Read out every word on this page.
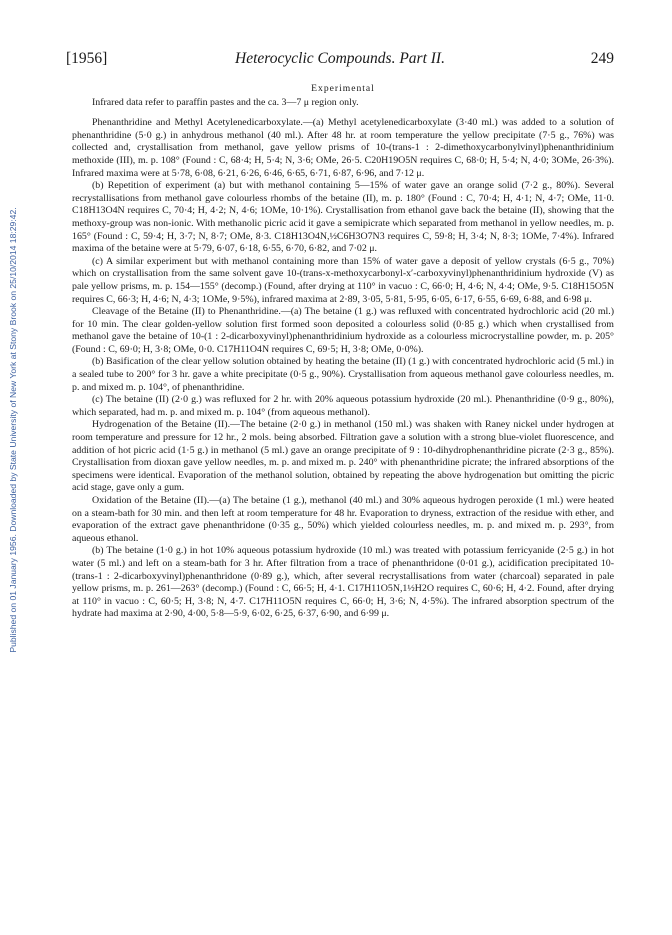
Published on 01 January 1956. Downloaded by State University of New York at Stony Brook on 25/10/2014 18:29:42.
[1956]	Heterocyclic Compounds. Part II.	249
Experimental

Infrared data refer to paraffin pastes and the ca. 3—7 μ region only.

Phenanthridine and Methyl Acetylenedicarboxylate.—(a) Methyl acetylenedicarboxylate (3·40 ml.) was added to a solution of phenanthridine (5·0 g.) in anhydrous methanol (40 ml.). After 48 hr. at room temperature the yellow precipitate (7·5 g., 76%) was collected and, crystallisation from methanol, gave yellow prisms of 10-(trans-1 : 2-dimethoxycarbonylvinyl)phenanthridinium methoxide (III), m. p. 108° (Found : C, 68·4; H, 5·4; N, 3·6; OMe, 26·5. C20H19O5N requires C, 68·0; H, 5·4; N, 4·0; 3OMe, 26·3%). Infrared maxima were at 5·78, 6·08, 6·21, 6·26, 6·46, 6·65, 6·71, 6·87, 6·96, and 7·12 μ.

(b) Repetition of experiment (a) but with methanol containing 5—15% of water gave an orange solid (7·2 g., 80%). Several recrystallisations from methanol gave colourless rhombs of the betaine (II), m. p. 180° (Found : C, 70·4; H, 4·1; N, 4·7; OMe, 11·0. C18H13O4N requires C, 70·4; H, 4·2; N, 4·6; 1OMe, 10·1%). Crystallisation from ethanol gave back the betaine (II), showing that the methoxy-group was non-ionic. With methanolic picric acid it gave a semipicrate which separated from methanol in yellow needles, m. p. 165° (Found : C, 59·4; H, 3·7; N, 8·7; OMe, 8·3. C18H13O4N,½C6H3O7N3 requires C, 59·8; H, 3·4; N, 8·3; 1OMe, 7·4%). Infrared maxima of the betaine were at 5·79, 6·07, 6·18, 6·55, 6·70, 6·82, and 7·02 μ.

(c) A similar experiment but with methanol containing more than 15% of water gave a deposit of yellow crystals (6·5 g., 70%) which on crystallisation from the same solvent gave 10-(trans-x-methoxycarbonyl-x′-carboxyvinyl)phenanthridinium hydroxide (V) as pale yellow prisms, m. p. 154—155° (decomp.) (Found, after drying at 110° in vacuo : C, 66·0; H, 4·6; N, 4·4; OMe, 9·5. C18H15O5N requires C, 66·3; H, 4·6; N, 4·3; 1OMe, 9·5%), infrared maxima at 2·89, 3·05, 5·81, 5·95, 6·05, 6·17, 6·55, 6·69, 6·88, and 6·98 μ.

Cleavage of the Betaine (II) to Phenanthridine.—(a) The betaine (1 g.) was refluxed with concentrated hydrochloric acid (20 ml.) for 10 min. The clear golden-yellow solution first formed soon deposited a colourless solid (0·85 g.) which when crystallised from methanol gave the betaine of 10-(1 : 2-dicarboxyvinyl)phenanthridinium hydroxide as a colourless microcrystalline powder, m. p. 205° (Found : C, 69·0; H, 3·8; OMe, 0·0. C17H11O4N requires C, 69·5; H, 3·8; OMe, 0·0%).

(b) Basification of the clear yellow solution obtained by heating the betaine (II) (1 g.) with concentrated hydrochloric acid (5 ml.) in a sealed tube to 200° for 3 hr. gave a white precipitate (0·5 g., 90%). Crystallisation from aqueous methanol gave colourless needles, m. p. and mixed m. p. 104°, of phenanthridine.

(c) The betaine (II) (2·0 g.) was refluxed for 2 hr. with 20% aqueous potassium hydroxide (20 ml.). Phenanthridine (0·9 g., 80%), which separated, had m. p. and mixed m. p. 104° (from aqueous methanol).

Hydrogenation of the Betaine (II).—The betaine (2·0 g.) in methanol (150 ml.) was shaken with Raney nickel under hydrogen at room temperature and pressure for 12 hr., 2 mols. being absorbed. Filtration gave a solution with a strong blue-violet fluorescence, and addition of hot picric acid (1·5 g.) in methanol (5 ml.) gave an orange precipitate of 9 : 10-dihydrophenanthridine picrate (2·3 g., 85%). Crystallisation from dioxan gave yellow needles, m. p. and mixed m. p. 240° with phenanthridine picrate; the infrared absorptions of the specimens were identical. Evaporation of the methanol solution, obtained by repeating the above hydrogenation but omitting the picric acid stage, gave only a gum.

Oxidation of the Betaine (II).—(a) The betaine (1 g.), methanol (40 ml.) and 30% aqueous hydrogen peroxide (1 ml.) were heated on a steam-bath for 30 min. and then left at room temperature for 48 hr. Evaporation to dryness, extraction of the residue with ether, and evaporation of the extract gave phenanthridone (0·35 g., 50%) which yielded colourless needles, m. p. and mixed m. p. 293°, from aqueous ethanol.

(b) The betaine (1·0 g.) in hot 10% aqueous potassium hydroxide (10 ml.) was treated with potassium ferricyanide (2·5 g.) in hot water (5 ml.) and left on a steam-bath for 3 hr. After filtration from a trace of phenanthridone (0·01 g.), acidification precipitated 10-(trans-1 : 2-dicarboxyvinyl)phenanthridone (0·89 g.), which, after several recrystallisations from water (charcoal) separated in pale yellow prisms, m. p. 261—263° (decomp.) (Found : C, 66·5; H, 4·1. C17H11O5N,1½H2O requires C, 60·6; H, 4·2. Found, after drying at 110° in vacuo : C, 60·5; H, 3·8; N, 4·7. C17H11O5N requires C, 66·0; H, 3·6; N, 4·5%). The infrared absorption spectrum of the hydrate had maxima at 2·90, 4·00, 5·8—5·9, 6·02, 6·25, 6·37, 6·90, and 6·99 μ.
